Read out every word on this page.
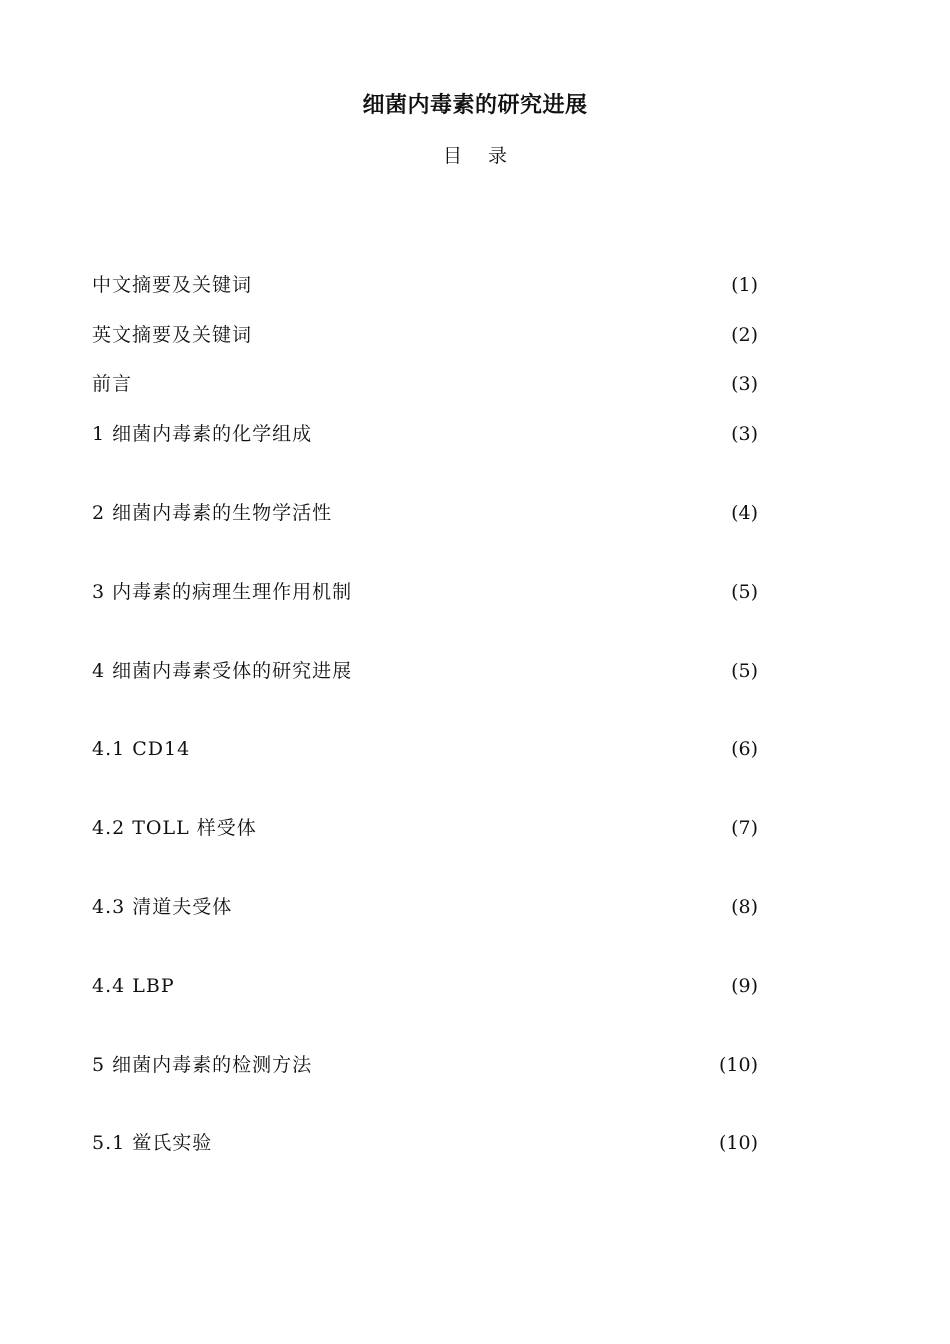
细菌内毒素的研究进展
目 录
中文摘要及关键词	(1)
英文摘要及关键词	(2)
前言	(3)
1 细菌内毒素的化学组成	(3)
2 细菌内毒素的生物学活性	(4)
3 内毒素的病理生理作用机制	(5)
4 细菌内毒素受体的研究进展	(5)
4.1 CD14	(6)
4.2 TOLL 样受体	(7)
4.3 清道夫受体	(8)
4.4 LBP	(9)
5 细菌内毒素的检测方法	(10)
5.1 鲎氏实验	(10)
